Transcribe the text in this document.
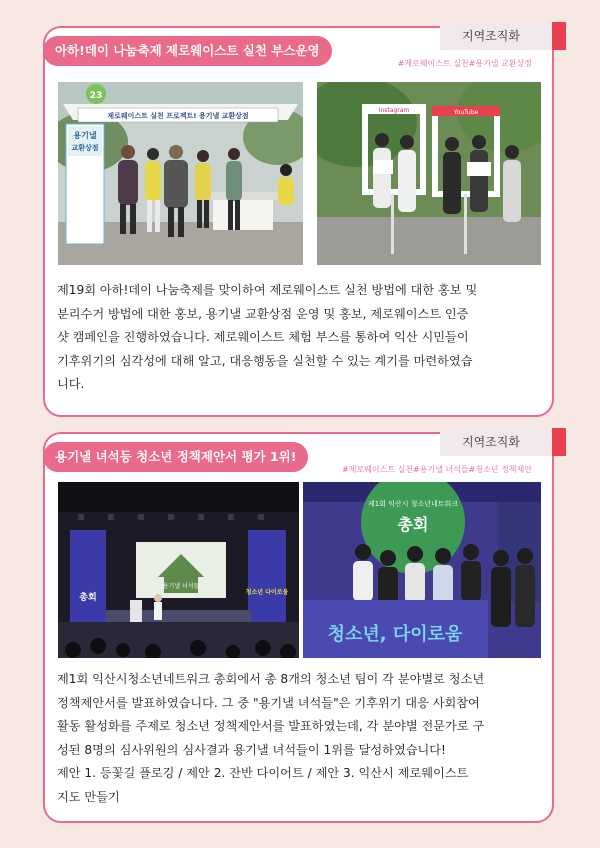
지역조직화
아하!데이 나눔축제 제로웨이스트 실천 부스운영
#제로웨이스트 실천#용기낼 교환상점
제로웨이스트 실천 프로젝트! 용기낼 교환상점
23
용기낼
교환상점
Instagram	YouTube

제19회 아하!데이 나눔축제를 맞이하여 제로웨이스트 실천 방법에 대한 홍보 및

분리수거 방법에 대한 홍보, 용기낼 교환상점 운영 및 홍보, 제로웨이스트 인증

샷 캠페인을 진행하였습니다. 제로웨이스트 체험 부스를 통하여 익산 시민들이

기후위기의 심각성에 대해 알고, 대응행동을 실천할 수 있는 계기를 마련하였습

니다.

지역조직화
용기낼 녀석등 청소년 정책제안서 평가 1위!
#제로웨이스트 실천#용기낼 녀석들#청소년 정책제안
총회
용기낼 녀석들
청소년 다이로움
제1회 익산시 청소년네트워크
총회
청소년, 다이로움

제1회 익산시청소년네트워크 총회에서 총 8개의 청소년 팀이 각 분야별로 청소년

정책제안서를 발표하였습니다. 그 중 "용기낼 녀석들"은 기후위기 대응 사회참여

활동 활성화를 주제로 청소년 정책제안서를 발표하였는데, 각 분야별 전문가로 구

성된 8명의 심사위원의 심사결과 용기낼 녀석들이 1위를 달성하였습니다!

제안 1. 등꽃길 플로깅 / 제안 2. 잔반 다이어트 / 제안 3. 익산시 제로웨이스트

지도 만들기
